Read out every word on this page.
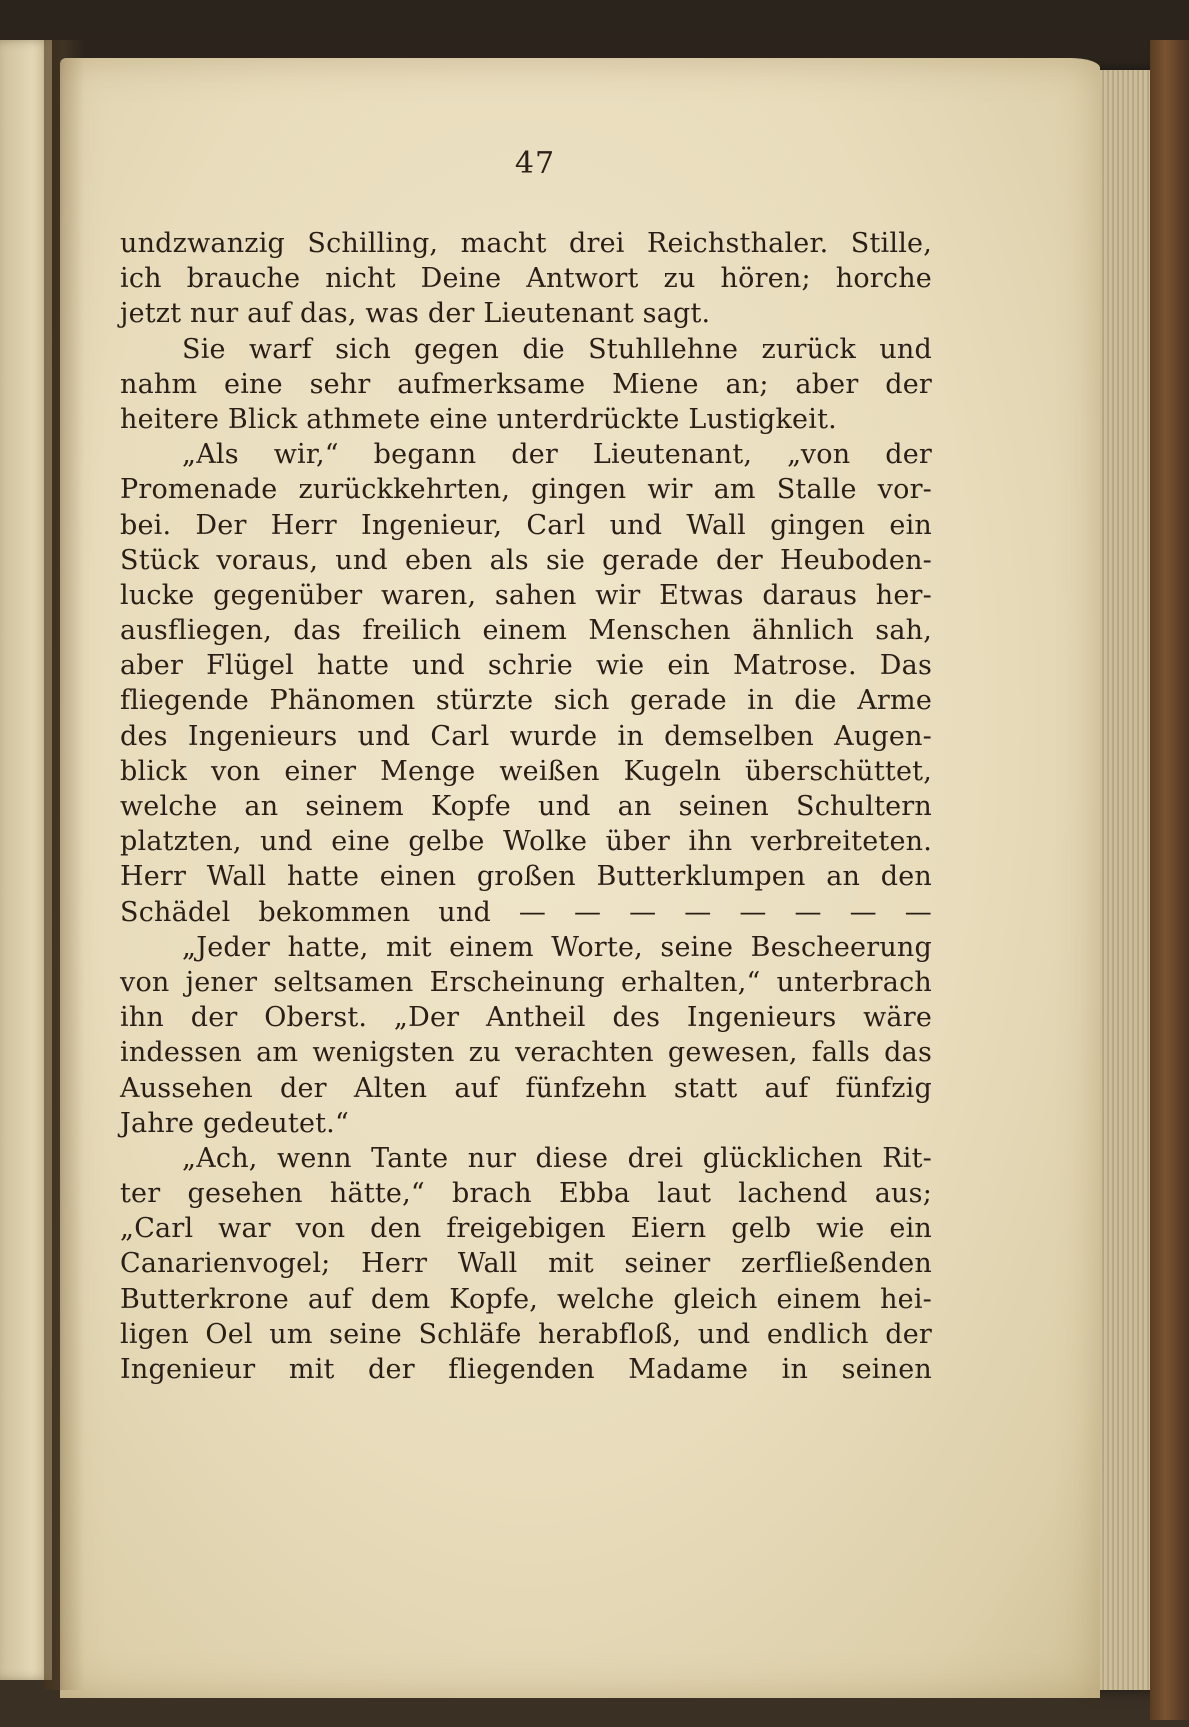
47
undzwanzig Schilling, macht drei Reichsthaler. Stille,
ich brauche nicht Deine Antwort zu hören; horche
jetzt nur auf das, was der Lieutenant sagt.
Sie warf sich gegen die Stuhllehne zurück und
nahm eine sehr aufmerksame Miene an; aber der
heitere Blick athmete eine unterdrückte Lustigkeit.
„Als wir,“ begann der Lieutenant, „von der
Promenade zurückkehrten, gingen wir am Stalle vor-
bei. Der Herr Ingenieur, Carl und Wall gingen ein
Stück voraus, und eben als sie gerade der Heuboden-
lucke gegenüber waren, sahen wir Etwas daraus her-
ausfliegen, das freilich einem Menschen ähnlich sah,
aber Flügel hatte und schrie wie ein Matrose. Das
fliegende Phänomen stürzte sich gerade in die Arme
des Ingenieurs und Carl wurde in demselben Augen-
blick von einer Menge weißen Kugeln überschüttet,
welche an seinem Kopfe und an seinen Schultern
platzten, und eine gelbe Wolke über ihn verbreiteten.
Herr Wall hatte einen großen Butterklumpen an den
Schädel bekommen und — — — — — — — —
„Jeder hatte, mit einem Worte, seine Bescheerung
von jener seltsamen Erscheinung erhalten,“ unterbrach
ihn der Oberst. „Der Antheil des Ingenieurs wäre
indessen am wenigsten zu verachten gewesen, falls das
Aussehen der Alten auf fünfzehn statt auf fünfzig
Jahre gedeutet.“
„Ach, wenn Tante nur diese drei glücklichen Rit-
ter gesehen hätte,“ brach Ebba laut lachend aus;
„Carl war von den freigebigen Eiern gelb wie ein
Canarienvogel; Herr Wall mit seiner zerfließenden
Butterkrone auf dem Kopfe, welche gleich einem hei-
ligen Oel um seine Schläfe herabfloß, und endlich der
Ingenieur mit der fliegenden Madame in seinen
